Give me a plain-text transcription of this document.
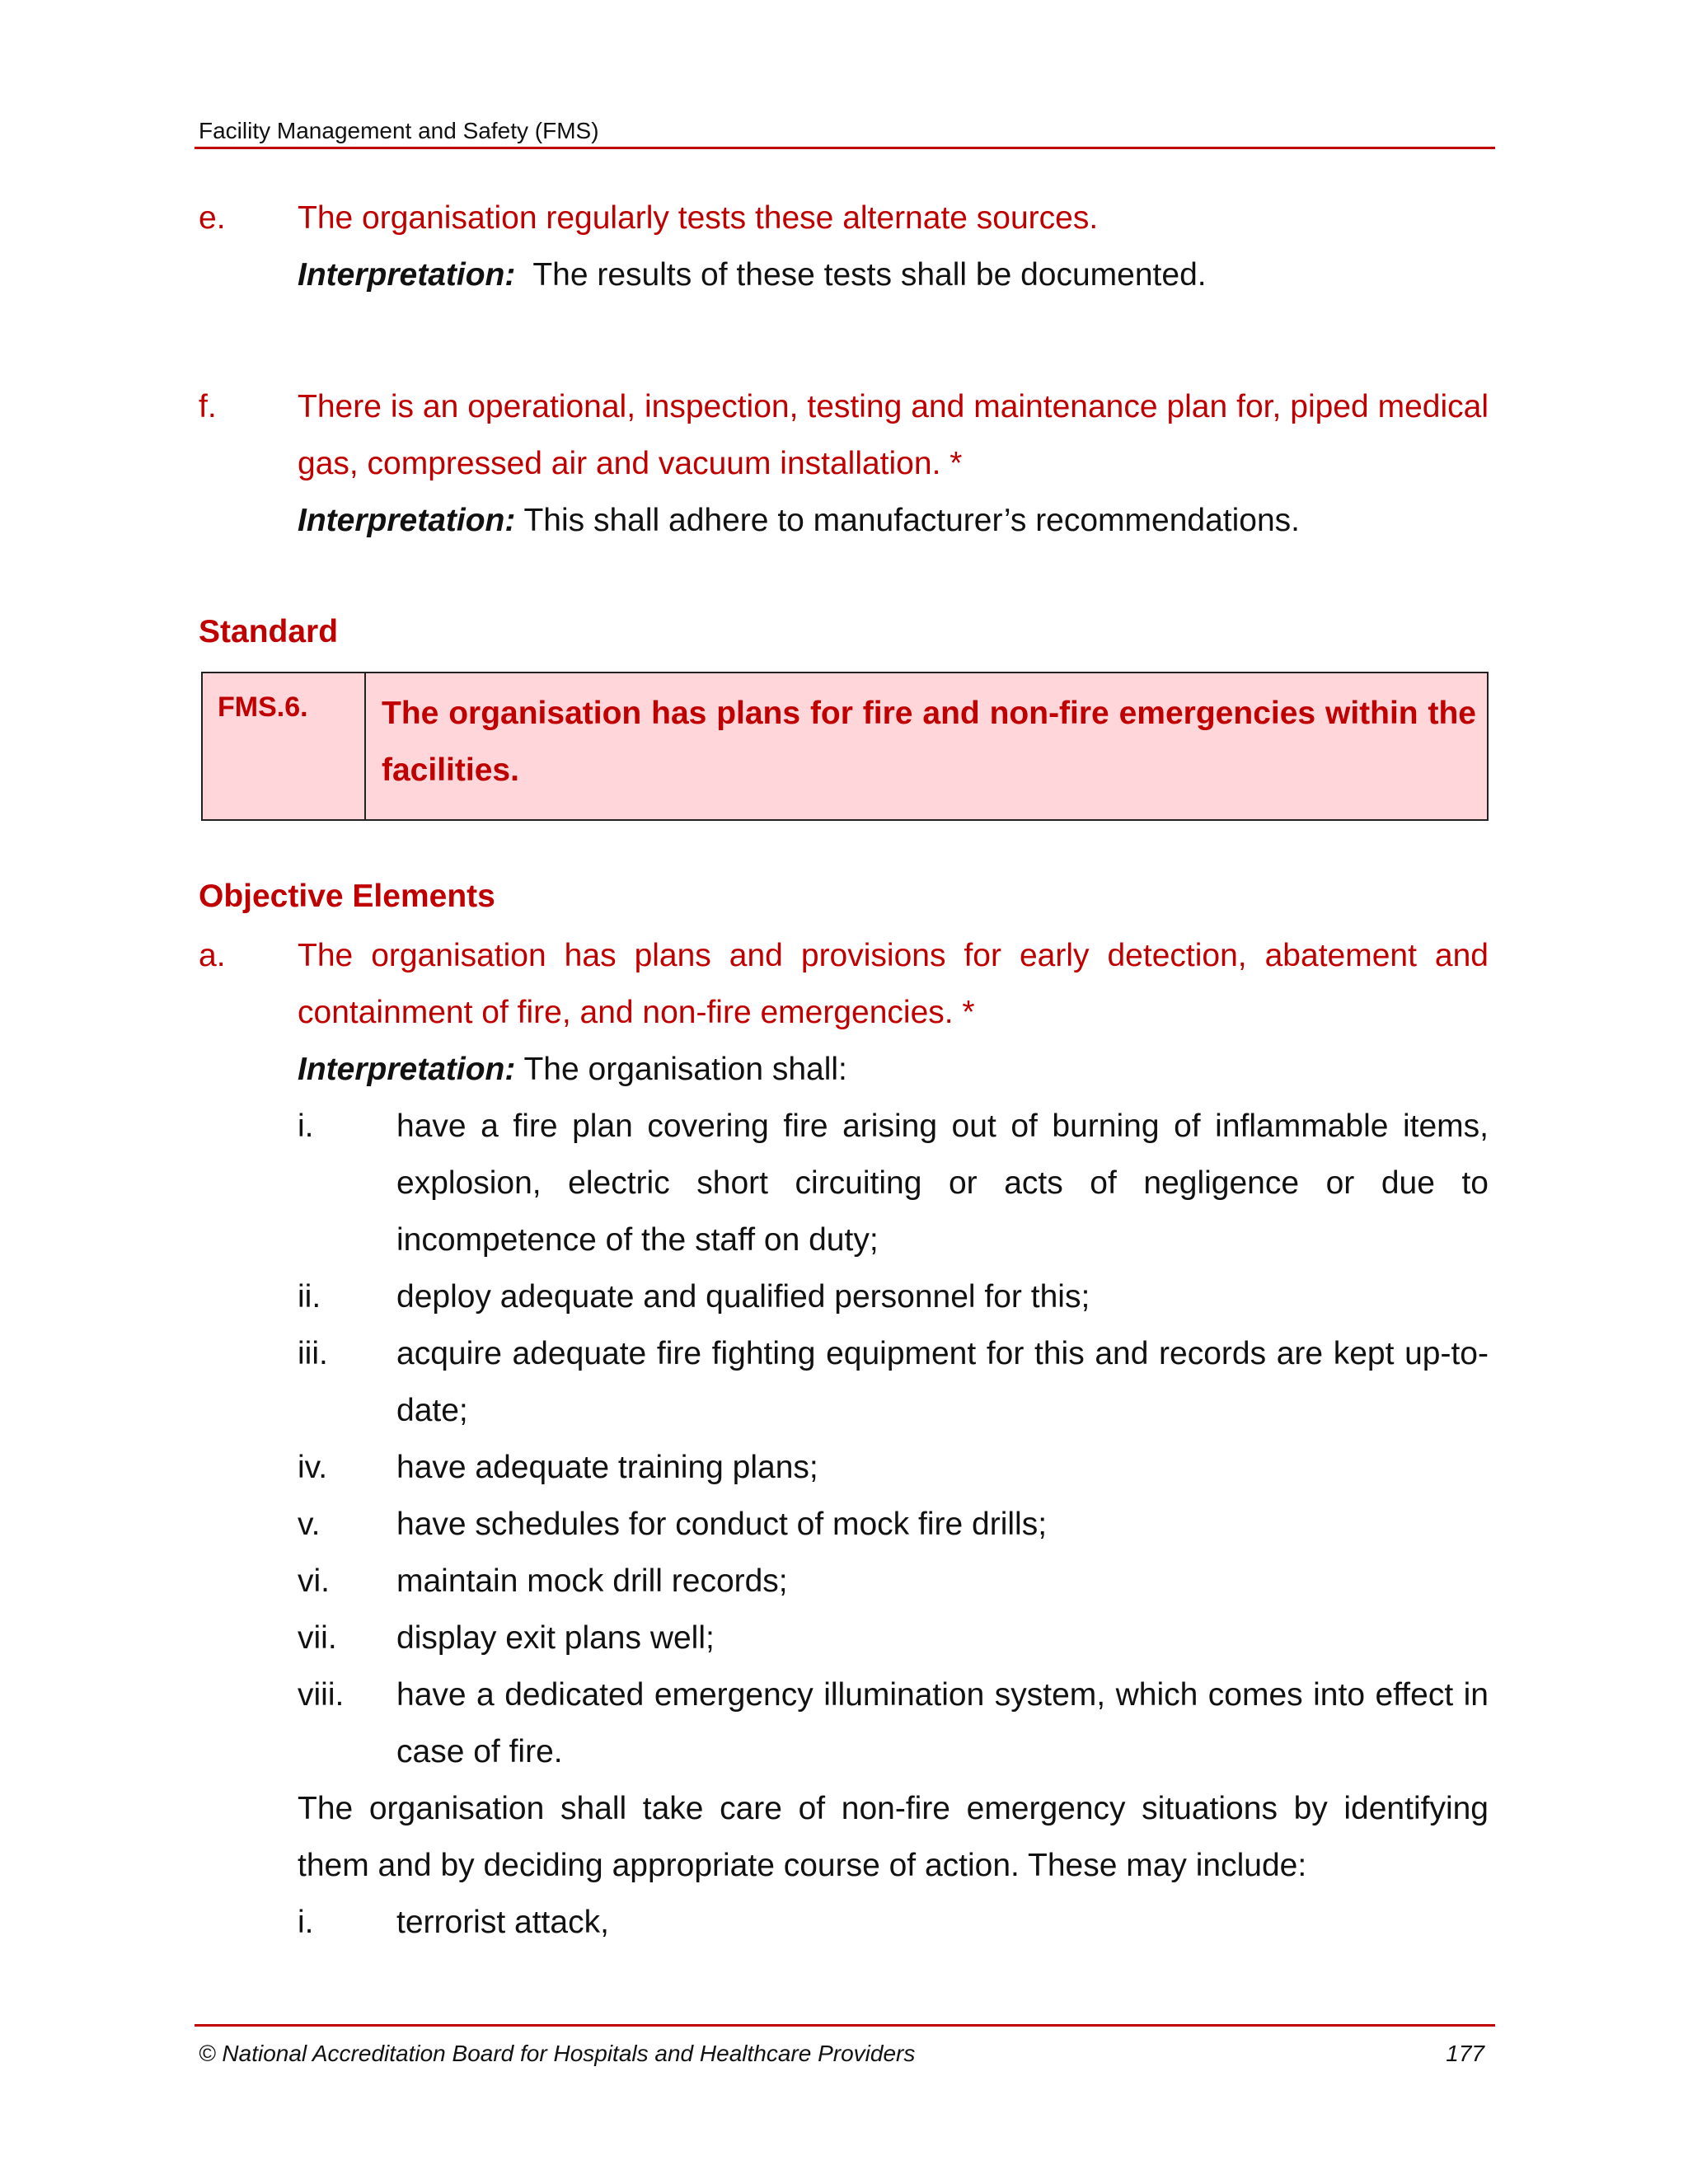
Facility Management and Safety (FMS)
e. The organisation regularly tests these alternate sources.
Interpretation: The results of these tests shall be documented.
f.	There is an operational, inspection, testing and maintenance plan for, piped medical gas, compressed air and vacuum installation. *
Interpretation: This shall adhere to manufacturer’s recommendations.
Standard
FMS.6.	The organisation has plans for fire and non-fire emergencies within the facilities.
Objective Elements
a. The organisation has plans and provisions for early detection, abatement and containment of fire, and non-fire emergencies. *
Interpretation: The organisation shall:
i.	have a fire plan covering fire arising out of burning of inflammable items, explosion, electric short circuiting or acts of negligence or due to incompetence of the staff on duty;
ii. deploy adequate and qualified personnel for this;
iii. acquire adequate fire fighting equipment for this and records are kept up-to-date;
iv. have adequate training plans;
v. have schedules for conduct of mock fire drills;
vi. maintain mock drill records;
vii. display exit plans well;
viii. have a dedicated emergency illumination system, which comes into effect in case of fire.
The organisation shall take care of non-fire emergency situations by identifying them and by deciding appropriate course of action. These may include:
i.	terrorist attack,
© National Accreditation Board for Hospitals and Healthcare Providers	177
